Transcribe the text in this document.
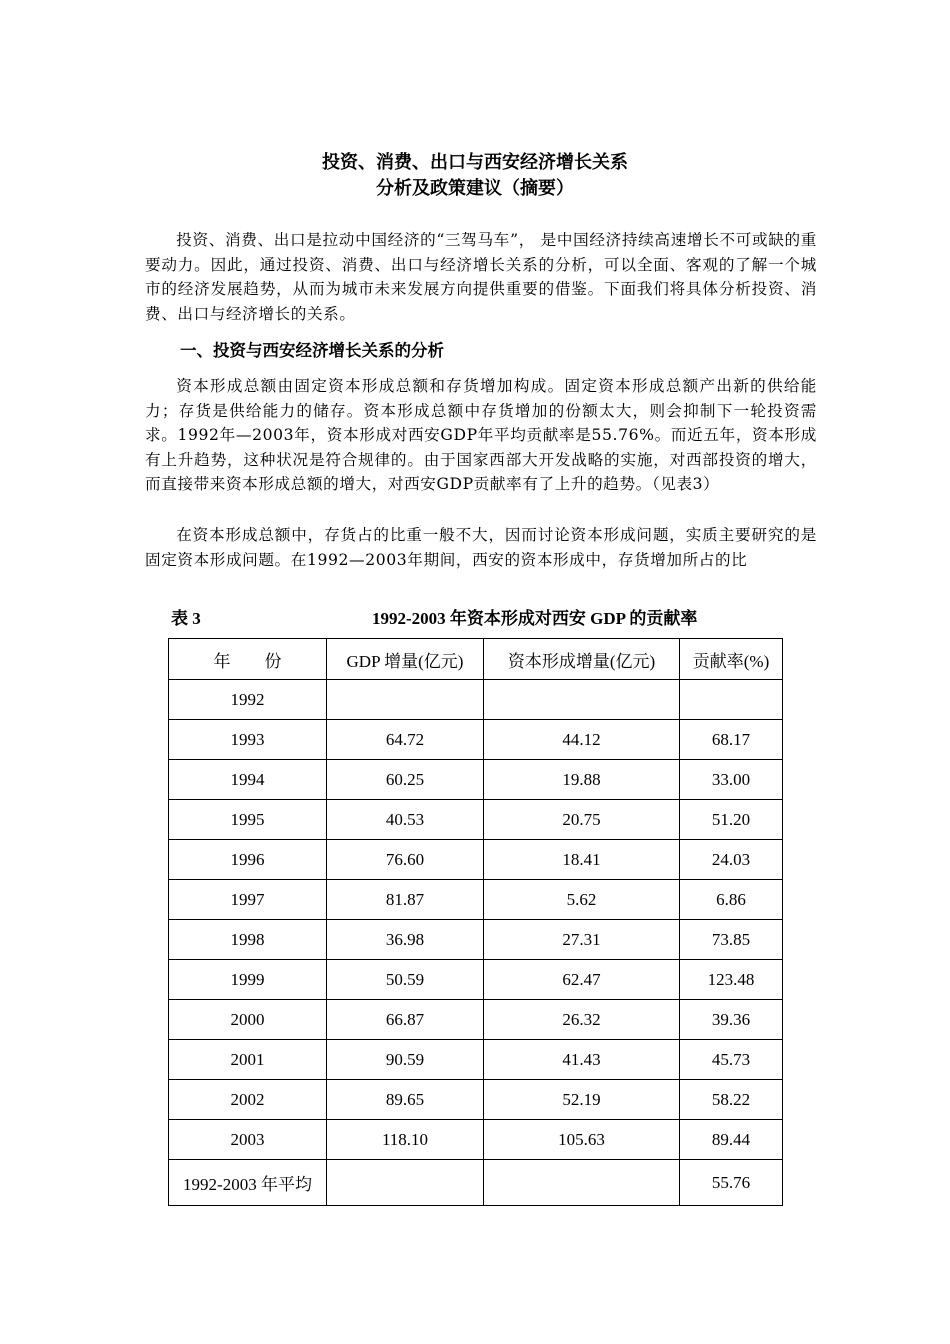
投资、消费、出口与西安经济增长关系
分析及政策建议（摘要）

投资、消费、出口是拉动中国经济的“三驾马车”， 是中国经济持续高速增长不可或缺的重要动力。因此，通过投资、消费、出口与经济增长关系的分析，可以全面、客观的了解一个城市的经济发展趋势，从而为城市未来发展方向提供重要的借鉴。下面我们将具体分析投资、消费、出口与经济增长的关系。

一、投资与西安经济增长关系的分析

资本形成总额由固定资本形成总额和存货增加构成。固定资本形成总额产出新的供给能力；存货是供给能力的储存。资本形成总额中存货增加的份额太大，则会抑制下一轮投资需求。1992年—2003年，资本形成对西安GDP年平均贡献率是55.76%。而近五年，资本形成有上升趋势，这种状况是符合规律的。由于国家西部大开发战略的实施，对西部投资的增大，而直接带来资本形成总额的增大，对西安GDP贡献率有了上升的趋势。（见表3）

在资本形成总额中，存货占的比重一般不大，因而讨论资本形成问题，实质主要研究的是固定资本形成问题。在1992—2003年期间，西安的资本形成中，存货增加所占的比

表 3	1992-2003 年资本形成对西安 GDP 的贡献率
年　　份	GDP 增量(亿元)	资本形成增量(亿元)	贡献率(%)
1992			
1993	64.72	44.12	68.17
1994	60.25	19.88	33.00
1995	40.53	20.75	51.20
1996	76.60	18.41	24.03
1997	81.87	5.62	6.86
1998	36.98	27.31	73.85
1999	50.59	62.47	123.48
2000	66.87	26.32	39.36
2001	90.59	41.43	45.73
2002	89.65	52.19	58.22
2003	118.10	105.63	89.44
1992-2003 年平均			55.76
